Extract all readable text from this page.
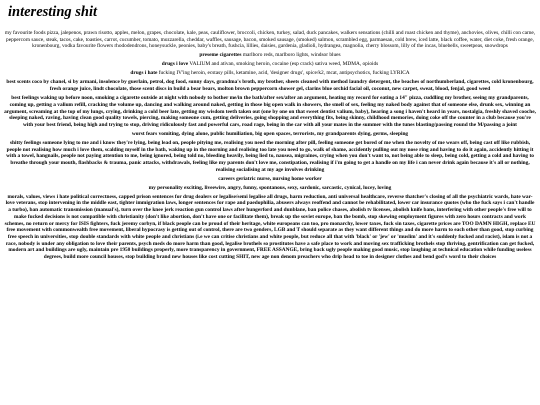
interesting shit

my favourite foods pizza, jalepenos, prawn risotto, apples, melon, grapes, chocolate, kale, peas, cauliflower, broccoli, chicken, turkey, salad, duck pancakes, walkers sensations (chilli and roast chicken and thyme), anchovies, olives, chilli con carne, peppercorn sauce, steak, tacos, cake, toasties, carrot, cucumber, tomato, mozzarella, cheddar, waffles, sausage, bacon, smoked sausage, (smoked) salmon, scrambled egg, parmaesan, cold brew, iced latte, black coffee, water, diet coke, fresh orange, kronenbourg, vodka favourite flowers rhododendrons, honeysuckle, peonies, baby's breath, fushcia, lillies, daisies, gardenia, gladioli, hydrangea, magnolia, cherry blossom, lilly of the incas, bluebells, sweetpeas, snowdrops

preseme cigarettes marlboro reds, marlboro lights, windsor blues

drugs i love VALIUM and ativan, smoking heroin, cocaine (esp crack) sativa weed, MDMA, opioids

drugs i hate fucking IV'ing heroin, ecstasy pills, ketamine, acid, 'designer drugs', spice/k2, mcat, antipsychotics, fucking LYRICA

best scents coco by chanel, si by armani, insolence by guerlain, petrol, dog food, sunny days, grandma's broth, my brother, sheets cleaned with method laundry detergent, the beaches of northumberland, cigarettes, cold kronenbourg, fresh orange juice, lindt chocolate, those scent discs in build a bear bears, molton brown peppercorn shower gel, clarins blue orchid facial oil, coconut, new carpet, sweat, blood, fenjal, good weed

best feelings waking up before noon, smoking a cigarette outside at night with nobody to bother me/in the bath/after sex/after an argument, heating my record for eating a 14" pizza, cuddling my brother, seeing my grandparents, coming up, getting a valium refill, cracking the volume up, dancing and walking around naked, getting in those big open walk in showers, the smell of sex, feeling my naked body against that of someone else, drunk sex, winning an argument, screaming at the top of my lungs, crying, drinking a cold beer late, getting my wisdom teeth taken out (one by one on that sweet dentist valium, baby), hearing a song i haven't heard in years, nostalgia, freshly shaved cooche, sleeping naked, raving, having clean good quality towels, piercing, making someone cum, getting deliveries, going shopping and everything fits, being skinny, childhood memories, doing coke off the counter in a club because you're with your best friend, being high and trying to stop, driving ridiculously fast and powerful cars, road rage, being in the car with all your mates in the summer with the tunes blasting/passing round the M/passing a joint

worst fears vomiting, dying alone, public humiliation, big open spaces, terrorists, my grandparents dying, germs, sleeping

shitty feelings someone lying to me and i know they're lying, being lead on, people pitying me, realising you need the morning after pill, feeling someone get bored of me when the novelty of me wears off, being cast off like rubbish, people not realising how much i love them, scalding myself in the bath, waking up in the morning and realising too late you need to go, walk of shame, accidently pulling out my nose ring and having to do it again, accidently hitting it with a towel, hangnails, people not paying attention to me, being ignored, being told no, bleeding heavily, being lied to, nausea, migraines, crying when you don't want to, not being able to sleep, being cold, getting a cold and having to breathe through your mouth, flashbacks & trauma, panic attacks, withdrawals, feeling like my parents don't love me, constipation, realising if i'm going to get a handle on my life i can never drink again because it's all or nothing, realising socialising at my age involves drinking

careers geriatric nurse, nursing home worker

my personality exciting, liveewire, angry, funny, spontanous, sexy, sardonic, sarcastic, cynical, lucey, loving

morals, values, views i hate political correctness, capped prison sentences for drug dealers or legalise/semi legalise all drugs, harm reduction, anti universal healthcare, reverse thatcher's closing of all the psychiatric wards, hate war-love veterans, stop intervening in the middle east, tighter immigration laws, longer sentences for rape and paedophilia, abusers always reoffend and cannot be rehabilitated, lower car insurance quotes (who the fuck says i can't handle a turbo), ban automatic transmission (manual's), turn over the knee jerk reaction gun control laws after hungerford and dunblane, ban police chases, abolish tv licenses, abolish knife bans, interfering with other people's free will to make fucked decisions is not compatible with christianity (don't like abortion, don't have one or facilitate them), break up the soviet europe, ban the bomb, stop skewing employment figures with zero hours contracts and work schemes, no return or mercy for ISIS fighters, fuck jeremy corbyn, if black people can be proud of their heritage, white europeans can too, pro monarchy, lower taxes, fuck sin taxes, cigarette prices are TOO DAMN HIGH, replace EU free movement with commonwealth free movement, liberal hypocrasy is getting out of control, there are two genders, LGB and T should separate as they want different things and do more harm to each other than good, stop curbing free speech in universities, stop double standards with white people and christians (i.e we can critise christians and white people, but reduce all that with 'black' or 'jew' or 'muslim' and it's suddenly fucked and racist), islam is not a race, nobody is under any obligation to love their parents, psych meds do more harm than good, legalise brothels so prostitutes have a safe place to work and moving sex trafficking brothels stop thriving, gentrification can get fucked, modern art and buildings are ugly, maintain pre 1950 buildings properly, more transparency in government, FREE ASSANGE, bring back ugly people making good music, stop laughing at technical education while funding useless degrees, build more council houses, stop building brand new houses like cost cutting SHIT, new age non denom preachers who drip head to toe in designer clothes and bend god's word to their choices
